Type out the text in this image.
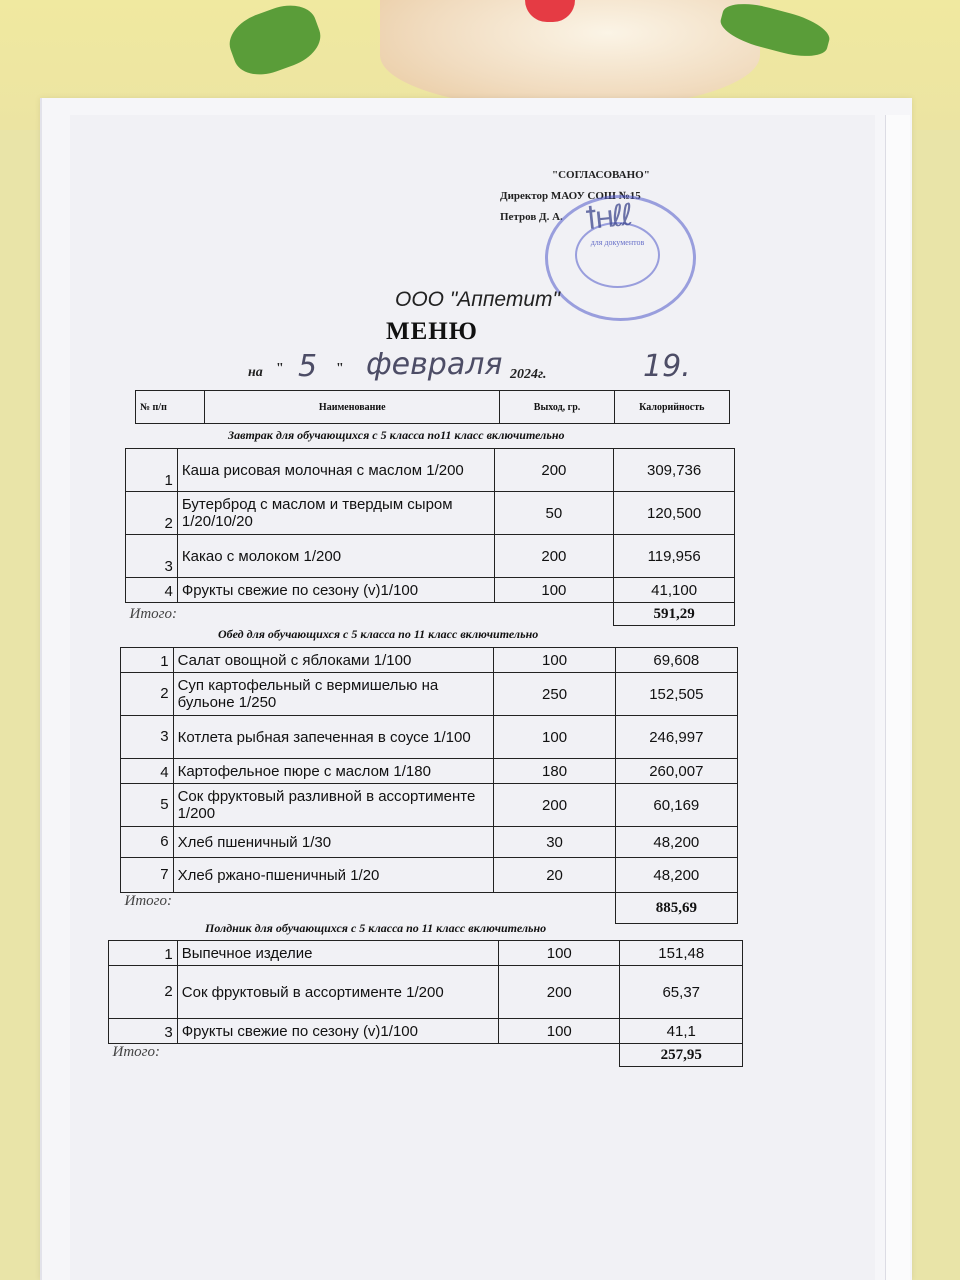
"СОГЛАСОВАНО"
Директор МАОУ СОШ №15
Петров Д. А.
для документов
ꝉнℓℓ
ООО "Аппетит"
МЕНЮ
на " 5 " февраля 2024г.	19.
№ п/п	Наименование	Выход, гр.	Калорийность
Завтрак для обучающихся с 5 класса по11 класс включительно
1	Каша рисовая молочная с маслом 1/200	200	309,736
2	Бутерброд с маслом и твердым сыром 1/20/10/20	50	120,500
3	Какао с молоком 1/200	200	119,956
4	Фрукты свежие по сезону (v)1/100	100	41,100
Итого:			591,29
Обед для обучающихся с 5 класса по 11 класс включительно
1	Салат овощной с яблоками 1/100	100	69,608
2	Суп картофельный с вермишелью на бульоне 1/250	250	152,505
3	Котлета рыбная запеченная в соусе 1/100	100	246,997
4	Картофельное пюре с маслом 1/180	180	260,007
5	Сок фруктовый разливной в ассортименте 1/200	200	60,169
6	Хлеб пшеничный 1/30	30	48,200
7	Хлеб ржано-пшеничный 1/20	20	48,200
Итого:			885,69
Полдник для обучающихся с 5 класса по 11 класс включительно
1	Выпечное изделие	100	151,48
2	Сок фруктовый в ассортименте 1/200	200	65,37
3	Фрукты свежие по сезону (v)1/100	100	41,1
Итого:			257,95
